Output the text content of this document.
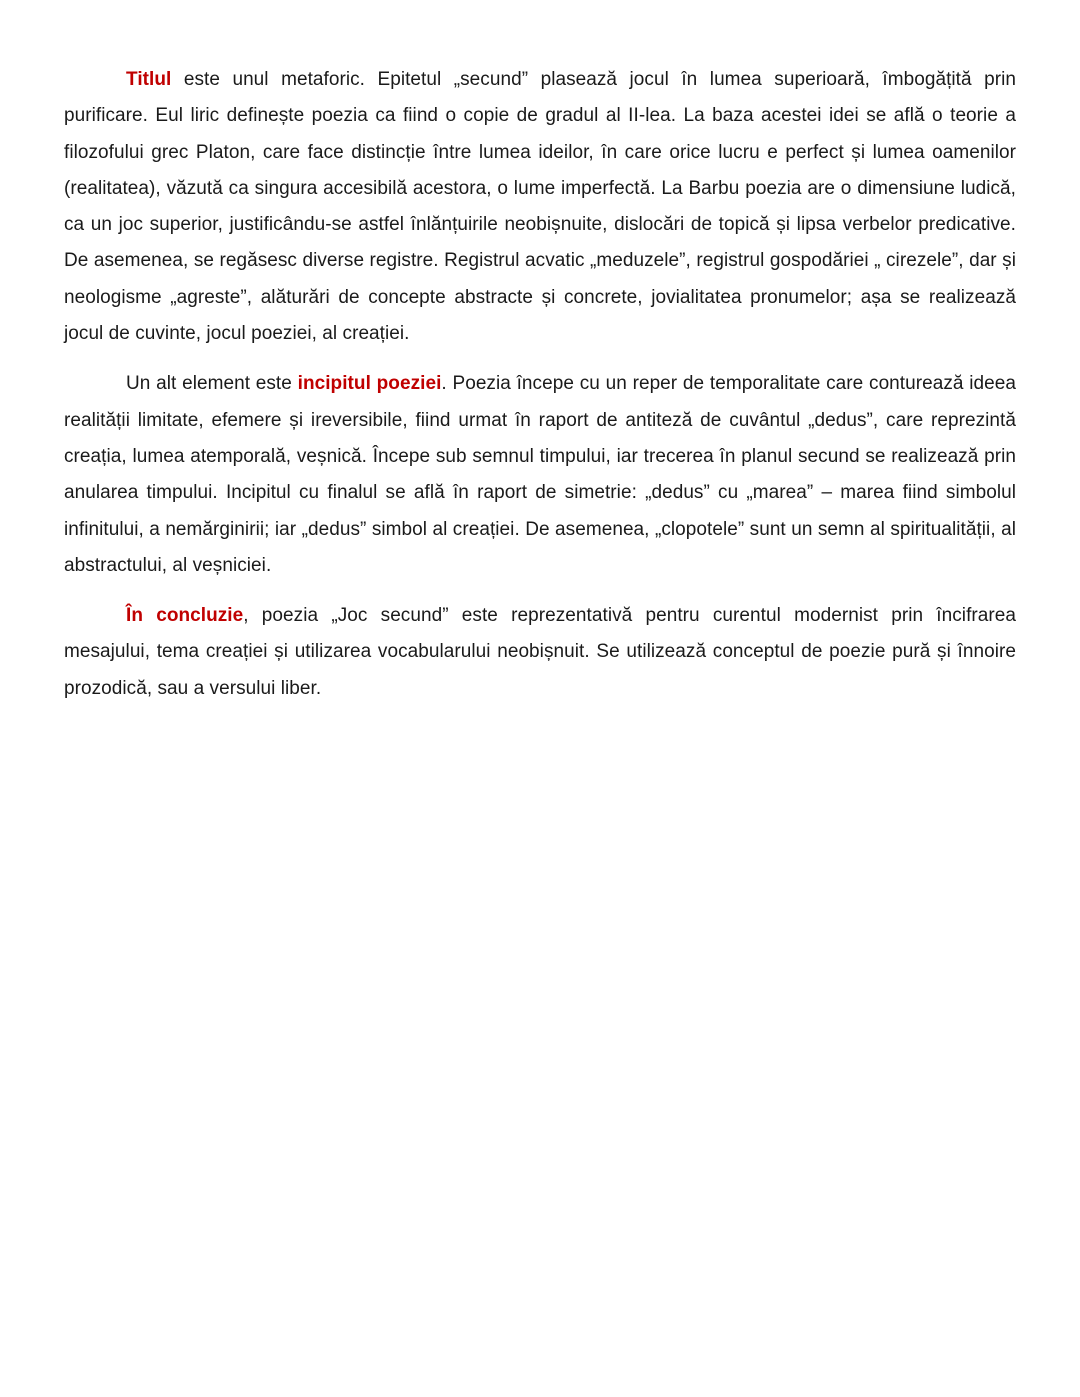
Titlul este unul metaforic. Epitetul „secund” plasează jocul în lumea superioară, îmbogățită prin purificare. Eul liric definește poezia ca fiind o copie de gradul al II-lea. La baza acestei idei se află o teorie a filozofului grec Platon, care face distincție între lumea ideilor, în care orice lucru e perfect și lumea oamenilor (realitatea), văzută ca singura accesibilă acestora, o lume imperfectă. La Barbu poezia are o dimensiune ludică, ca un joc superior, justificându-se astfel înlănțuirile neobișnuite, dislocări de topică și lipsa verbelor predicative. De asemenea, se regăsesc diverse registre. Registrul acvatic „meduzele”, registrul gospodăriei „ cirezele”, dar și neologisme „agreste”, alăturări de concepte abstracte și concrete, jovialitatea pronumelor; așa se realizează jocul de cuvinte, jocul poeziei, al creației.

Un alt element este incipitul poeziei. Poezia începe cu un reper de temporalitate care conturează ideea realității limitate, efemere și ireversibile, fiind urmat în raport de antiteză de cuvântul „dedus”, care reprezintă creația, lumea atemporală, veșnică. Începe sub semnul timpului, iar trecerea în planul secund se realizează prin anularea timpului. Incipitul cu finalul se află în raport de simetrie: „dedus” cu „marea” – marea fiind simbolul infinitului, a nemărginirii; iar „dedus” simbol al creației. De asemenea, „clopotele” sunt un semn al spiritualității, al abstractului, al veșniciei.

În concluzie, poezia „Joc secund” este reprezentativă pentru curentul modernist prin încifrarea mesajului, tema creației și utilizarea vocabularului neobișnuit. Se utilizează conceptul de poezie pură și înnoire prozodică, sau a versului liber.
